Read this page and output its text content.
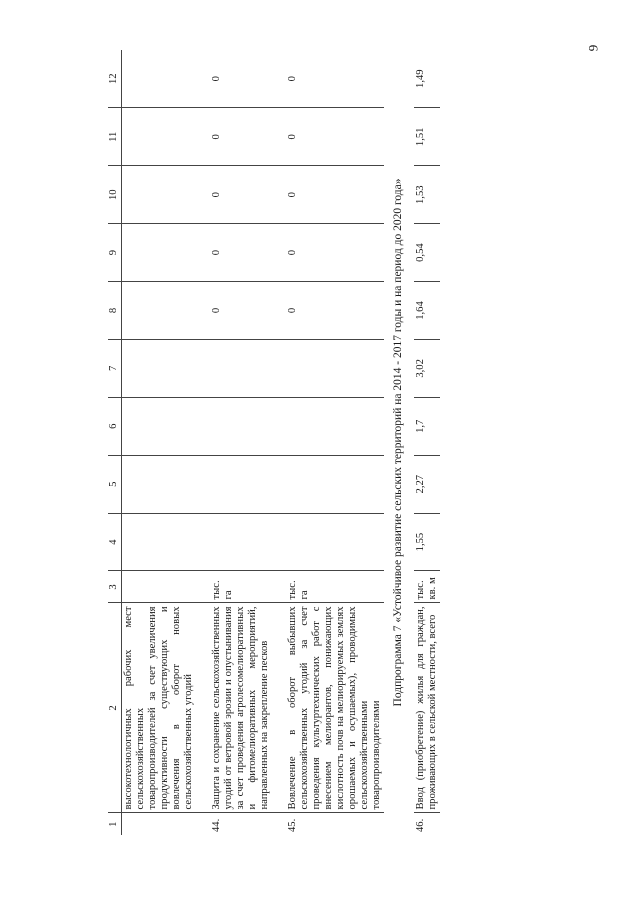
9
1	2	3	4	5	6	7	8	9	10	11	12

	высокотехнологичных рабочих мест сельскохозяйственных товаропроизводителей за счет увеличения продуктивности существующих и вовлечения в оборот новых сельскохозяйственных угодий										

44.	Защита и сохранение сельскохозяйственных угодий от ветровой эрозии и опустынивания за счет проведения агролесомелиоративных и фитомелиоративных мероприятий, направленных на закрепление песков	тыс. га					0	0	0	0	0

45.	Вовлечение в оборот выбывших сельскохозяйственных угодий за счет проведения культуртехнических работ с внесением мелиорантов, понижающих кислотность почв на мелиорируемых землях орошаемых и осушаемых), проводимых сельскохозяйственными товаропроизводителями	тыс. га					0	0	0	0	0
Подпрограмма 7 «Устойчивое развитие сельских территорий на 2014 - 2017 годы и на период до 2020 года»											
46.	Ввод (приобретение) жилья для граждан, проживающих в сельской местности, всего	тыс. кв. м	1,55	2,27	1,7	3,02	1,64	0,54	1,53	1,51	1,49
